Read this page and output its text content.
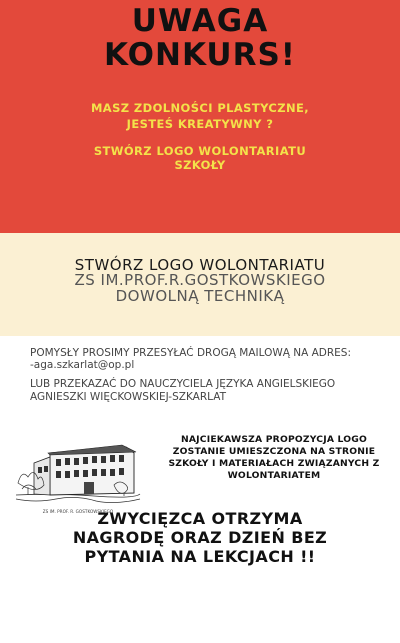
UWAGA
KONKURS!
MASZ ZDOLNOŚCI PLASTYCZNE,
JESTEŚ KREATYWNY ?
STWÓRZ LOGO WOLONTARIATU
SZKOŁY
STWÓRZ LOGO WOLONTARIATU
ZS IM.PROF.R.GOSTKOWSKIEGO
DOWOLNĄ TECHNIKĄ
POMYSŁY PROSIMY PRZESYŁAĆ DROGĄ MAILOWĄ NA ADRES:
-aga.szkarlat@op.pl
LUB PRZEKAZAĆ DO NAUCZYCIELA JĘZYKA ANGIELSKIEGO
AGNIESZKI WIĘCKOWSKIEJ-SZKARLAT
ZS IM. PROF. R. GOSTKOWSKIEGO
NAJCIEKAWSZA PROPOZYCJA LOGO
ZOSTANIE UMIESZCZONA NA STRONIE
SZKOŁY I MATERIAŁACH ZWIĄZANYCH Z
WOLONTARIATEM
ZWYCIĘZCA OTRZYMA
NAGRODĘ ORAZ DZIEŃ BEZ
PYTANIA NA LEKCJACH !!
